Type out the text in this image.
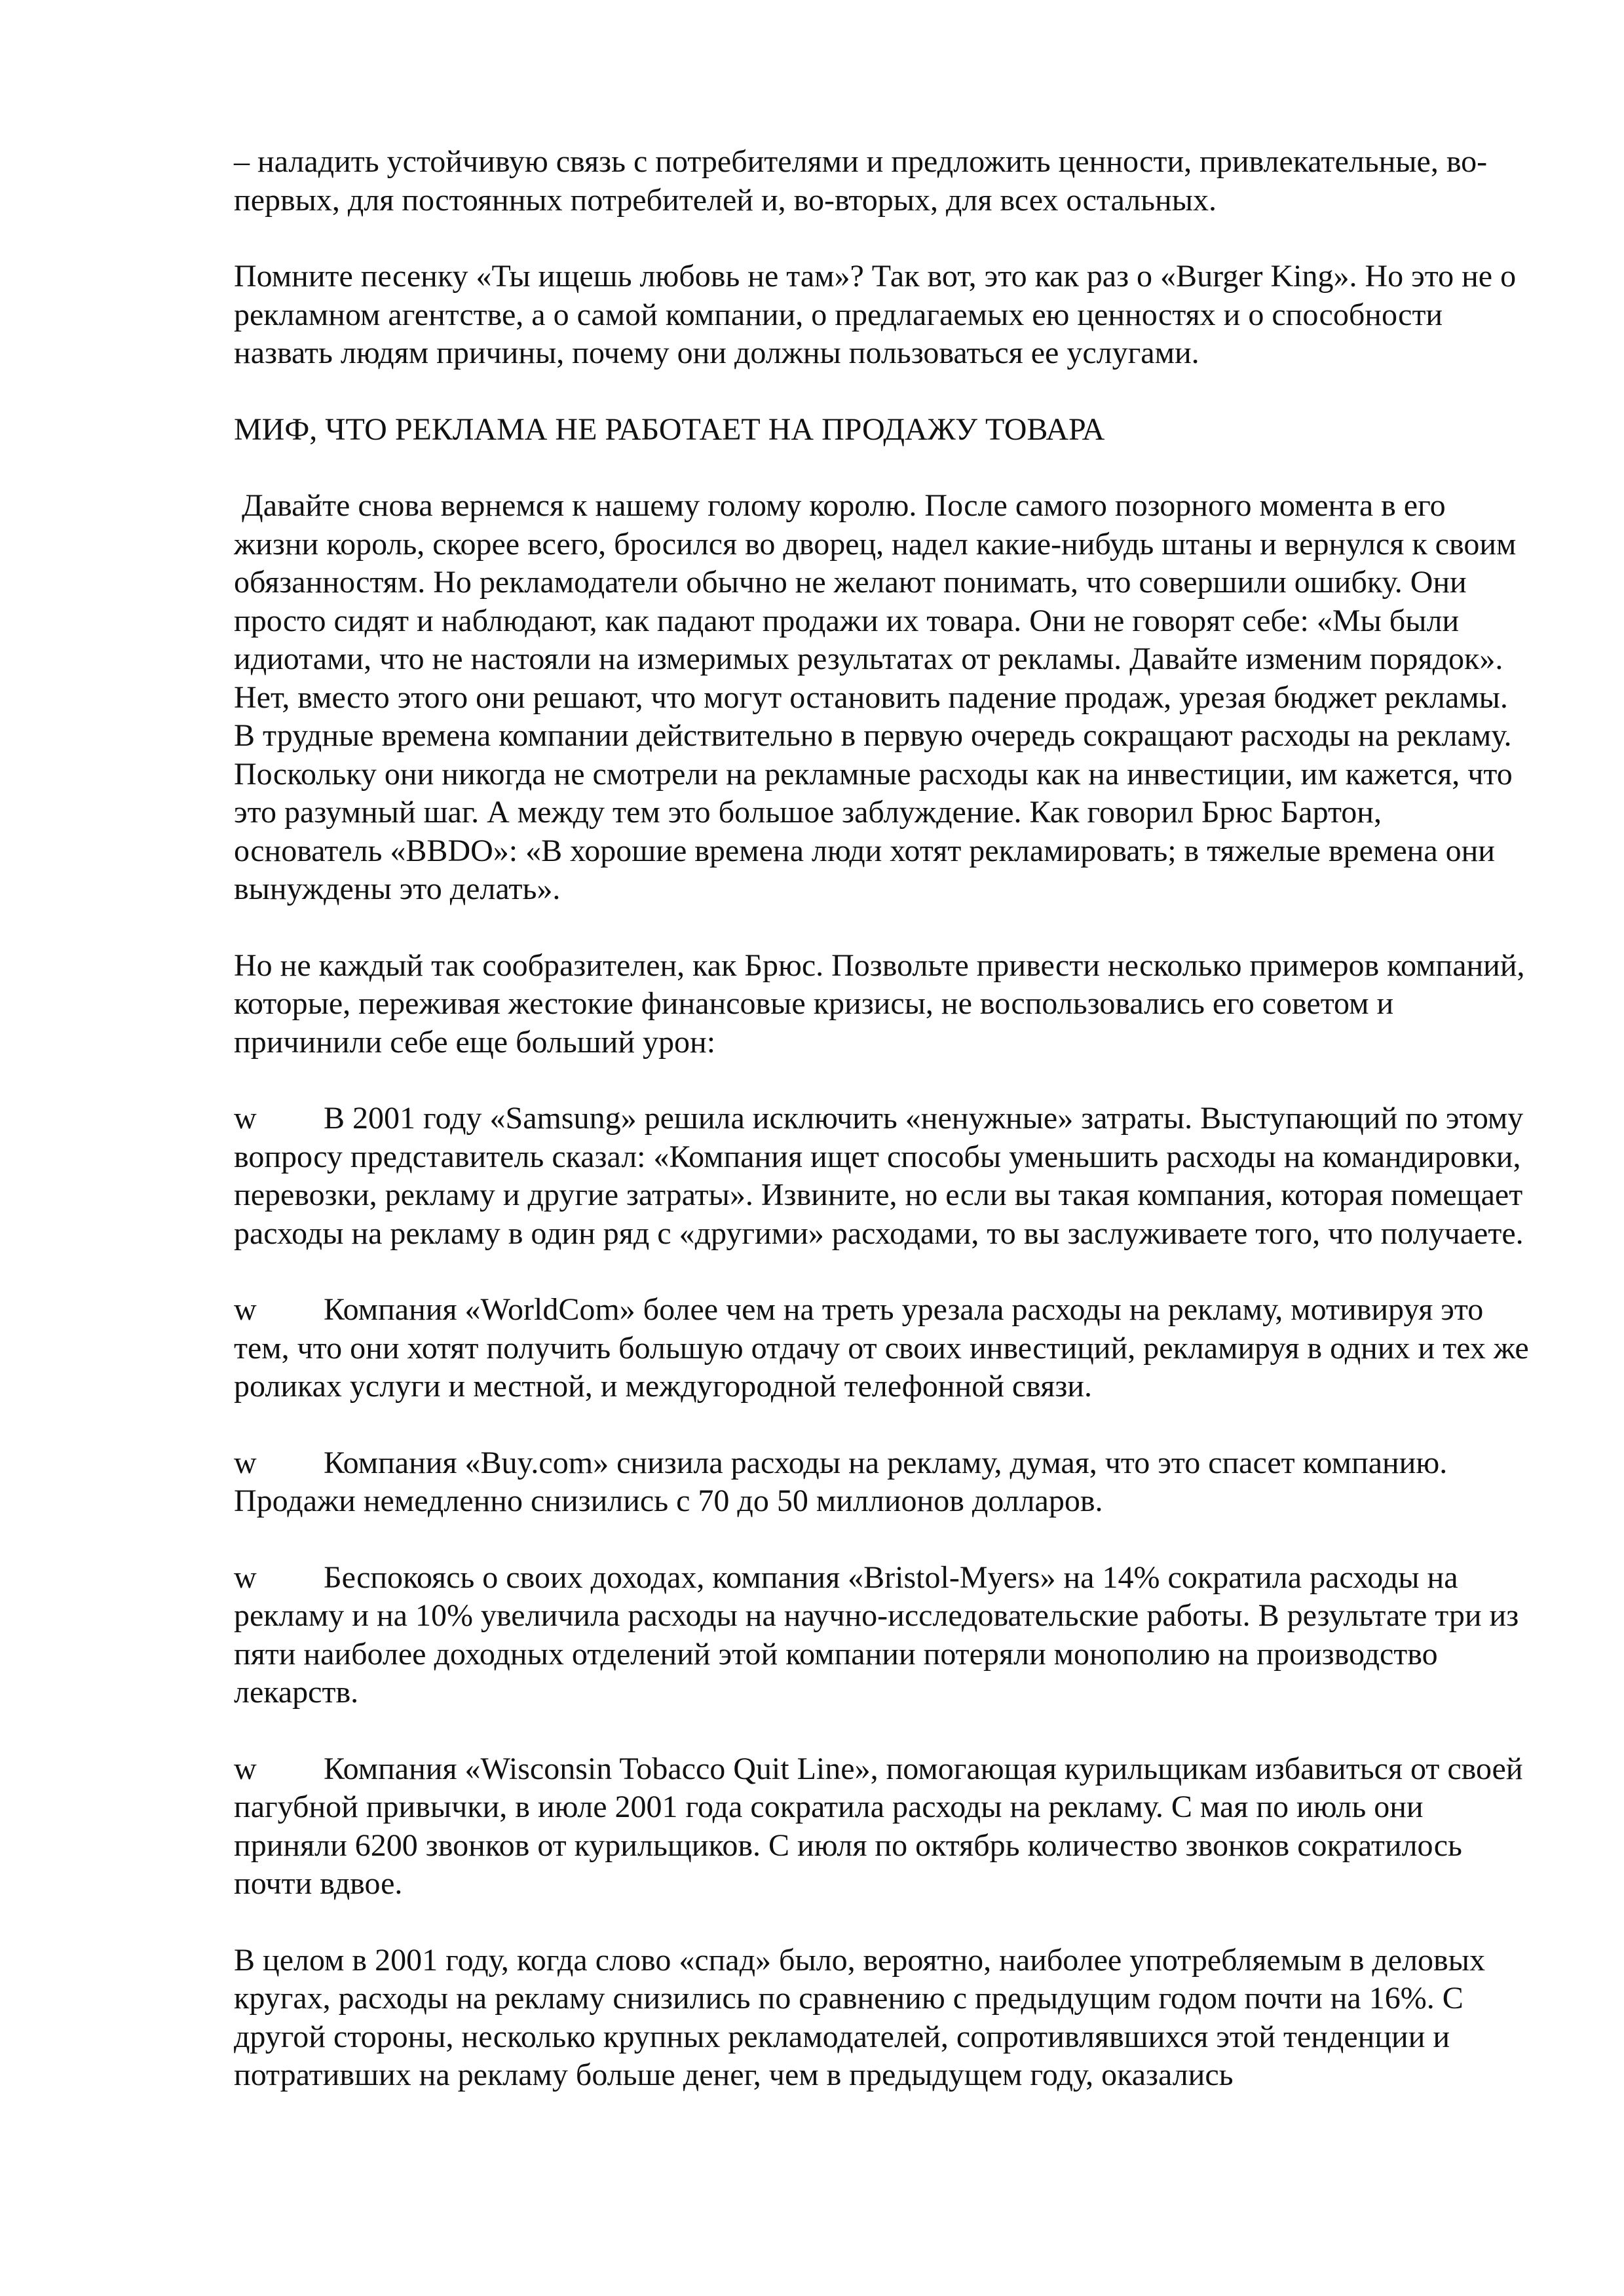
– наладить устойчивую связь с потребителями и предложить ценности, привлекательные, во-первых, для постоянных потребителей и, во-вторых, для всех остальных.

Помните песенку «Ты ищешь любовь не там»? Так вот, это как раз о «Burger King». Но это не о рекламном агентстве, а о самой компании, о предлагаемых ею ценностях и о способности назвать людям причины, почему они должны пользоваться ее услугами.

МИФ, ЧТО РЕКЛАМА НЕ РАБОТАЕТ НА ПРОДАЖУ ТОВАРА

Давайте снова вернемся к нашему голому королю. После самого позорного момента в его жизни король, скорее всего, бросился во дворец, надел какие-нибудь штаны и вернулся к своим обязанностям. Но рекламодатели обычно не желают понимать, что совершили ошибку. Они просто сидят и наблюдают, как падают продажи их товара. Они не говорят себе: «Мы были идиотами, что не настояли на измеримых результатах от рекламы. Давайте изменим порядок». Нет, вместо этого они решают, что могут остановить падение продаж, урезая бюджет рекламы. В трудные времена компании действительно в первую очередь сокращают расходы на рекламу. Поскольку они никогда не смотрели на рекламные расходы как на инвестиции, им кажется, что это разумный шаг. А между тем это большое заблуждение. Как говорил Брюс Бартон, основатель «BBDO»: «В хорошие времена люди хотят рекламировать; в тяжелые времена они вынуждены это делать».

Но не каждый так сообразителен, как Брюс. Позвольте привести несколько примеров компаний, которые, переживая жестокие финансовые кризисы, не воспользовались его советом и причинили себе еще больший урон:

w В 2001 году «Samsung» решила исключить «ненужные» затраты. Выступающий по этому вопросу представитель сказал: «Компания ищет способы уменьшить расходы на командировки, перевозки, рекламу и другие затраты». Извините, но если вы такая компания, которая помещает расходы на рекламу в один ряд с «другими» расходами, то вы заслуживаете того, что получаете.

w Компания «WorldCom» более чем на треть урезала расходы на рекламу, мотивируя это тем, что они хотят получить большую отдачу от своих инвестиций, рекламируя в одних и тех же роликах услуги и местной, и междугородной телефонной связи.

w Компания «Buy.com» снизила расходы на рекламу, думая, что это спасет компанию. Продажи немедленно снизились с 70 до 50 миллионов долларов.

w Беспокоясь о своих доходах, компания «Bristol-Myers» на 14% сократила расходы на рекламу и на 10% увеличила расходы на научно-исследовательские работы. В результате три из пяти наиболее доходных отделений этой компании потеряли монополию на производство лекарств.

w Компания «Wisconsin Tobacco Quit Line», помогающая курильщикам избавиться от своей пагубной привычки, в июле 2001 года сократила расходы на рекламу. С мая по июль они приняли 6200 звонков от курильщиков. С июля по октябрь количество звонков сократилось почти вдвое.

В целом в 2001 году, когда слово «спад» было, вероятно, наиболее употребляемым в деловых кругах, расходы на рекламу снизились по сравнению с предыдущим годом почти на 16%. С другой стороны, несколько крупных рекламодателей, сопротивлявшихся этой тенденции и потративших на рекламу больше денег, чем в предыдущем году, оказались
